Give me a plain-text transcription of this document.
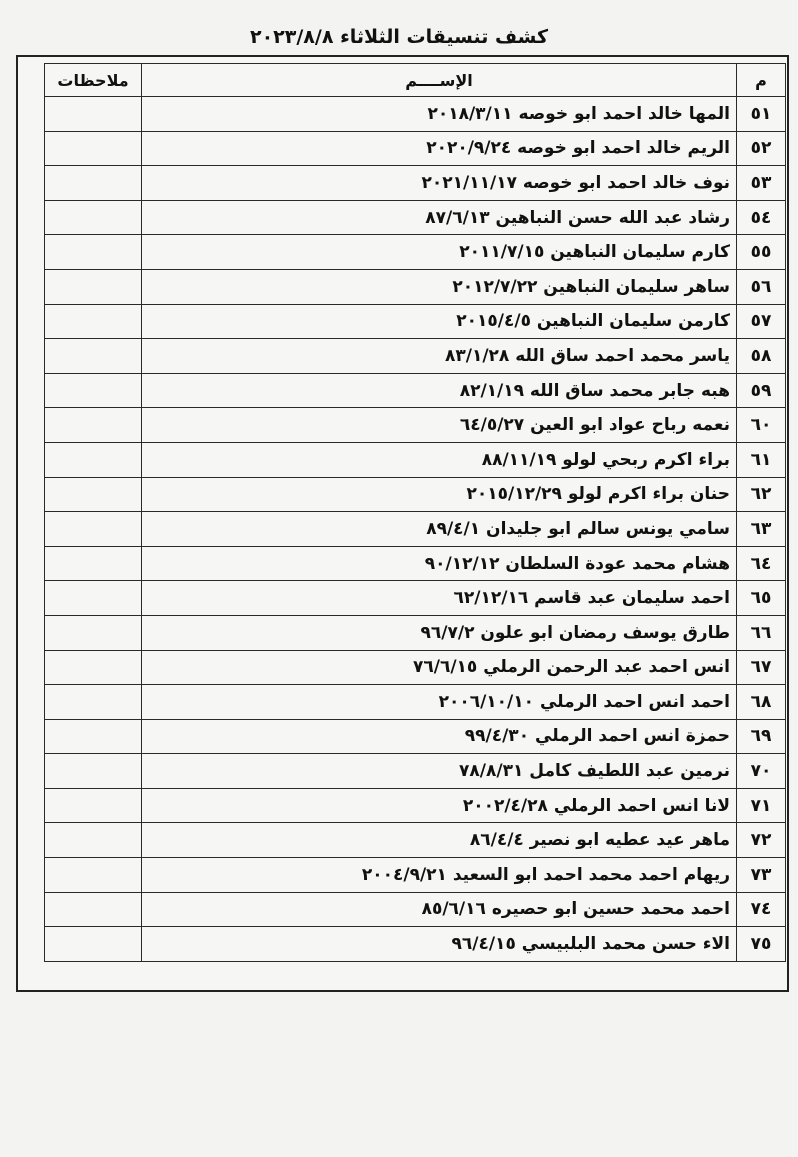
كشف تنسيقات الثلاثاء ٢٠٢٣/٨/٨
م	الإســــم	ملاحظات
٥١	المها خالد احمد ابو خوصه ٢٠١٨/٣/١١	
٥٢	الريم خالد احمد ابو خوصه ٢٠٢٠/٩/٢٤	
٥٣	نوف خالد احمد ابو خوصه ٢٠٢١/١١/١٧	
٥٤	رشاد عبد الله حسن النباهين ٨٧/٦/١٣	
٥٥	كارم سليمان النباهين ٢٠١١/٧/١٥	
٥٦	ساهر سليمان النباهين ٢٠١٢/٧/٢٢	
٥٧	كارمن سليمان النباهين ٢٠١٥/٤/٥	
٥٨	ياسر محمد احمد ساق الله ٨٣/١/٢٨	
٥٩	هبه جابر محمد ساق الله ٨٢/١/١٩	
٦٠	نعمه رباح عواد ابو العين ٦٤/٥/٢٧	
٦١	براء اكرم ربحي لولو ٨٨/١١/١٩	
٦٢	حنان براء اكرم لولو ٢٠١٥/١٢/٢٩	
٦٣	سامي يونس سالم ابو جليدان ٨٩/٤/١	
٦٤	هشام محمد عودة السلطان ٩٠/١٢/١٢	
٦٥	احمد سليمان عبد قاسم ٦٢/١٢/١٦	
٦٦	طارق يوسف رمضان ابو علون ٩٦/٧/٢	
٦٧	انس احمد عبد الرحمن الرملي ٧٦/٦/١٥	
٦٨	احمد انس احمد الرملي ٢٠٠٦/١٠/١٠	
٦٩	حمزة انس احمد الرملي ٩٩/٤/٣٠	
٧٠	نرمين عبد اللطيف كامل ٧٨/٨/٣١	
٧١	لانا انس احمد الرملي ٢٠٠٢/٤/٢٨	
٧٢	ماهر عيد عطيه ابو نصير ٨٦/٤/٤	
٧٣	ريهام احمد محمد احمد ابو السعيد ٢٠٠٤/٩/٢١	
٧٤	احمد محمد حسين ابو حصيره ٨٥/٦/١٦	
٧٥	الاء حسن محمد البلبيسي ٩٦/٤/١٥	
